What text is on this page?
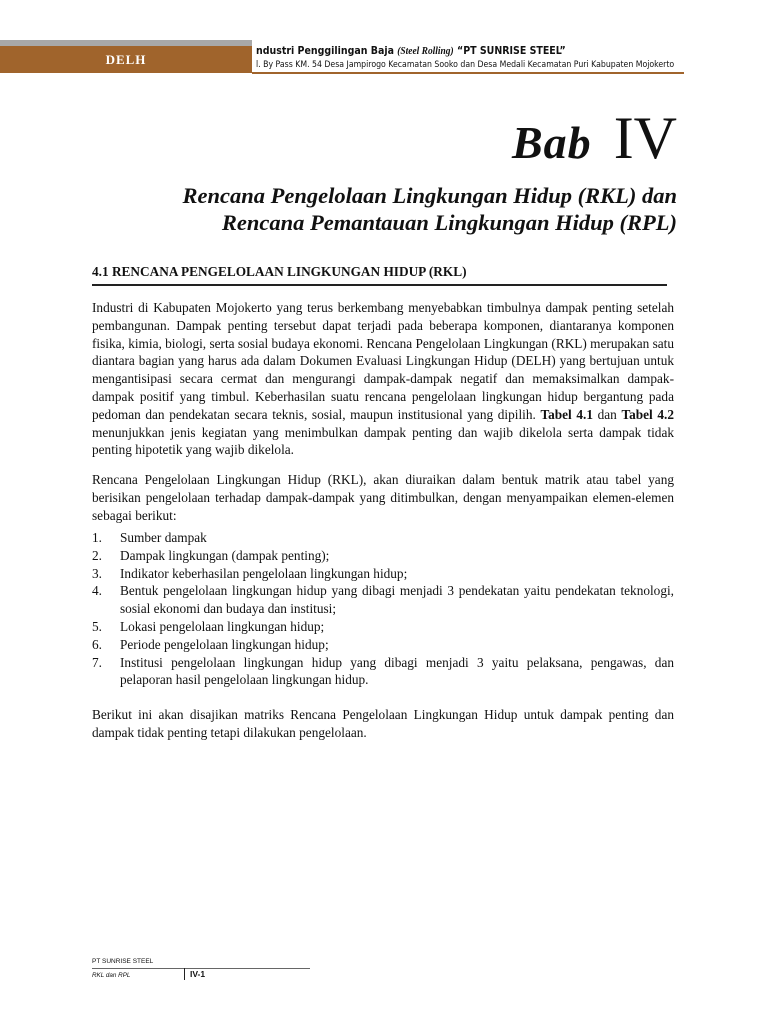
DELH
ndustri Penggilingan Baja (Steel Rolling) “PT SUNRISE STEEL”
l. By Pass KM. 54 Desa Jampirogo Kecamatan Sooko dan Desa Medali Kecamatan Puri Kabupaten Mojokerto
Bab IV
Rencana Pengelolaan Lingkungan Hidup (RKL) dan
Rencana Pemantauan Lingkungan Hidup (RPL)
4.1 RENCANA PENGELOLAAN LINGKUNGAN HIDUP (RKL)
Industri di Kabupaten Mojokerto yang terus berkembang menyebabkan timbulnya dampak penting setelah pembangunan. Dampak penting tersebut dapat terjadi pada beberapa komponen, diantaranya komponen fisika, kimia, biologi, serta sosial budaya ekonomi. Rencana Pengelolaan Lingkungan (RKL) merupakan satu diantara bagian yang harus ada dalam Dokumen Evaluasi Lingkungan Hidup (DELH) yang bertujuan untuk mengantisipasi secara cermat dan mengurangi dampak-dampak negatif dan memaksimalkan dampak-dampak positif yang timbul. Keberhasilan suatu rencana pengelolaan lingkungan hidup bergantung pada pedoman dan pendekatan secara teknis, sosial, maupun institusional yang dipilih. Tabel 4.1 dan Tabel 4.2 menunjukkan jenis kegiatan yang menimbulkan dampak penting dan wajib dikelola serta dampak tidak penting hipotetik yang wajib dikelola.
Rencana Pengelolaan Lingkungan Hidup (RKL), akan diuraikan dalam bentuk matrik atau tabel yang berisikan pengelolaan terhadap dampak-dampak yang ditimbulkan, dengan menyampaikan elemen-elemen sebagai berikut:
1.	Sumber dampak
2.	Dampak lingkungan (dampak penting);
3.	Indikator keberhasilan pengelolaan lingkungan hidup;
4.	Bentuk pengelolaan lingkungan hidup yang dibagi menjadi 3 pendekatan yaitu pendekatan teknologi, sosial ekonomi dan budaya dan institusi;
5.	Lokasi pengelolaan lingkungan hidup;
6.	Periode pengelolaan lingkungan hidup;
7.	Institusi pengelolaan lingkungan hidup yang dibagi menjadi 3 yaitu pelaksana, pengawas, dan pelaporan hasil pengelolaan lingkungan hidup.
Berikut ini akan disajikan matriks Rencana Pengelolaan Lingkungan Hidup untuk dampak penting dan dampak tidak penting tetapi dilakukan pengelolaan.
PT SUNRISE STEEL
RKL dan RPL	IV-1
